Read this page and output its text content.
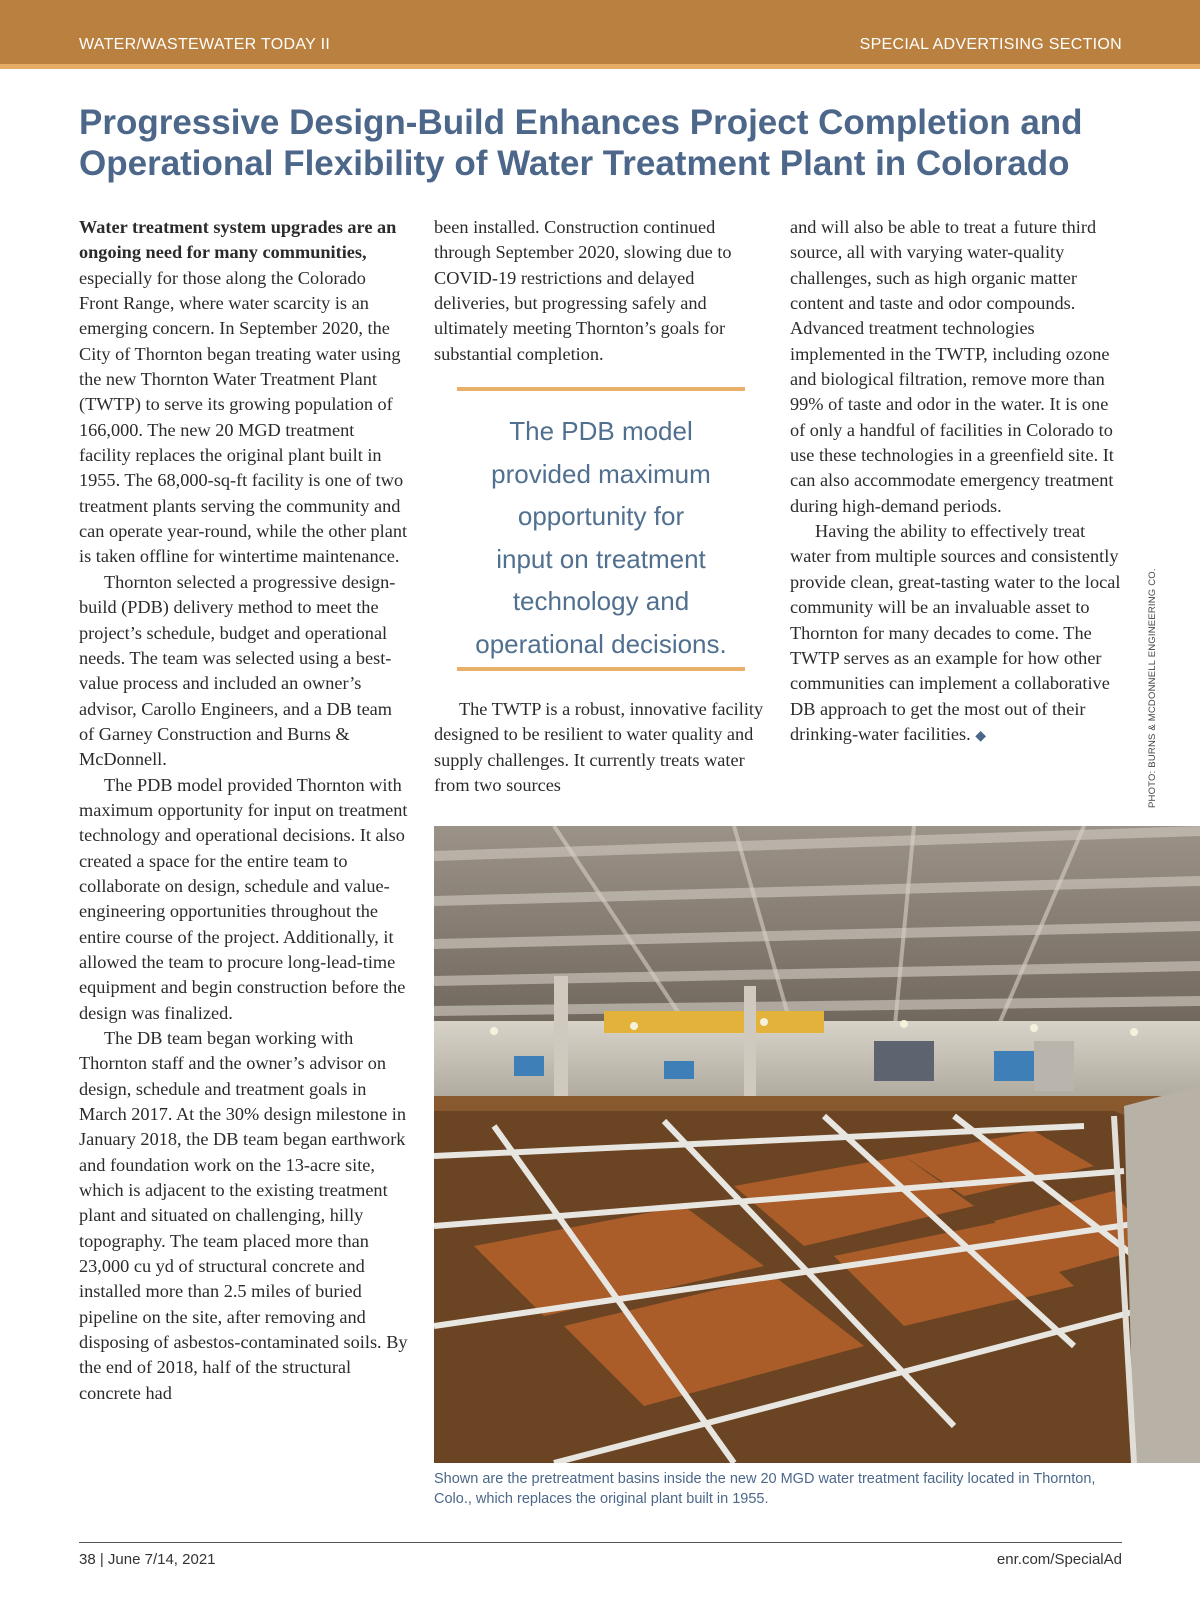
WATER/WASTEWATER TODAY II	SPECIAL ADVERTISING SECTION
Progressive Design-Build Enhances Project Completion and Operational Flexibility of Water Treatment Plant in Colorado

Water treatment system upgrades are an ongoing need for many communities, especially for those along the Colorado Front Range, where water scarcity is an emerging concern. In September 2020, the City of Thornton began treating water using the new Thornton Water Treatment Plant (TWTP) to serve its growing population of 166,000. The new 20 MGD treatment facility replaces the original plant built in 1955. The 68,000-sq-ft facility is one of two treatment plants serving the community and can operate year-round, while the other plant is taken offline for wintertime maintenance.

Thornton selected a progressive design-build (PDB) delivery method to meet the project’s schedule, budget and operational needs. The team was selected using a best-value process and included an owner’s advisor, Carollo Engineers, and a DB team of Garney Construction and Burns & McDonnell.

The PDB model provided Thornton with maximum opportunity for input on treatment technology and operational decisions. It also created a space for the entire team to collaborate on design, schedule and value-engineering opportunities throughout the entire course of the project. Additionally, it allowed the team to procure long-lead-time equipment and begin construction before the design was finalized.

The DB team began working with Thornton staff and the owner’s advisor on design, schedule and treatment goals in March 2017. At the 30% design milestone in January 2018, the DB team began earthwork and foundation work on the 13-acre site, which is adjacent to the existing treatment plant and situated on challenging, hilly topography. The team placed more than 23,000 cu yd of structural concrete and installed more than 2.5 miles of buried pipeline on the site, after removing and disposing of asbestos-contaminated soils. By the end of 2018, half of the structural concrete had

been installed. Construction continued through September 2020, slowing due to COVID-19 restrictions and delayed deliveries, but progressing safely and ultimately meeting Thornton’s goals for substantial completion.

The PDB model
provided maximum
opportunity for
input on treatment
technology and
operational decisions.

The TWTP is a robust, innovative facility designed to be resilient to water quality and supply challenges. It currently treats water from two sources

and will also be able to treat a future third source, all with varying water-quality challenges, such as high organic matter content and taste and odor compounds. Advanced treatment technologies implemented in the TWTP, including ozone and biological filtration, remove more than 99% of taste and odor in the water. It is one of only a handful of facilities in Colorado to use these technologies in a greenfield site. It can also accommodate emergency treatment during high-demand periods.

Having the ability to effectively treat water from multiple sources and consistently provide clean, great-tasting water to the local community will be an invaluable asset to Thornton for many decades to come. The TWTP serves as an example for how other communities can implement a collaborative DB approach to get the most out of their drinking-water facilities. ◆	PHOTO: BURNS & MCDONNELL ENGINEERING CO.

Shown are the pretreatment basins inside the new 20 MGD water treatment facility located in Thornton, Colo., which replaces the original plant built in 1955.

38 | June 7/14, 2021	enr.com/SpecialAd
